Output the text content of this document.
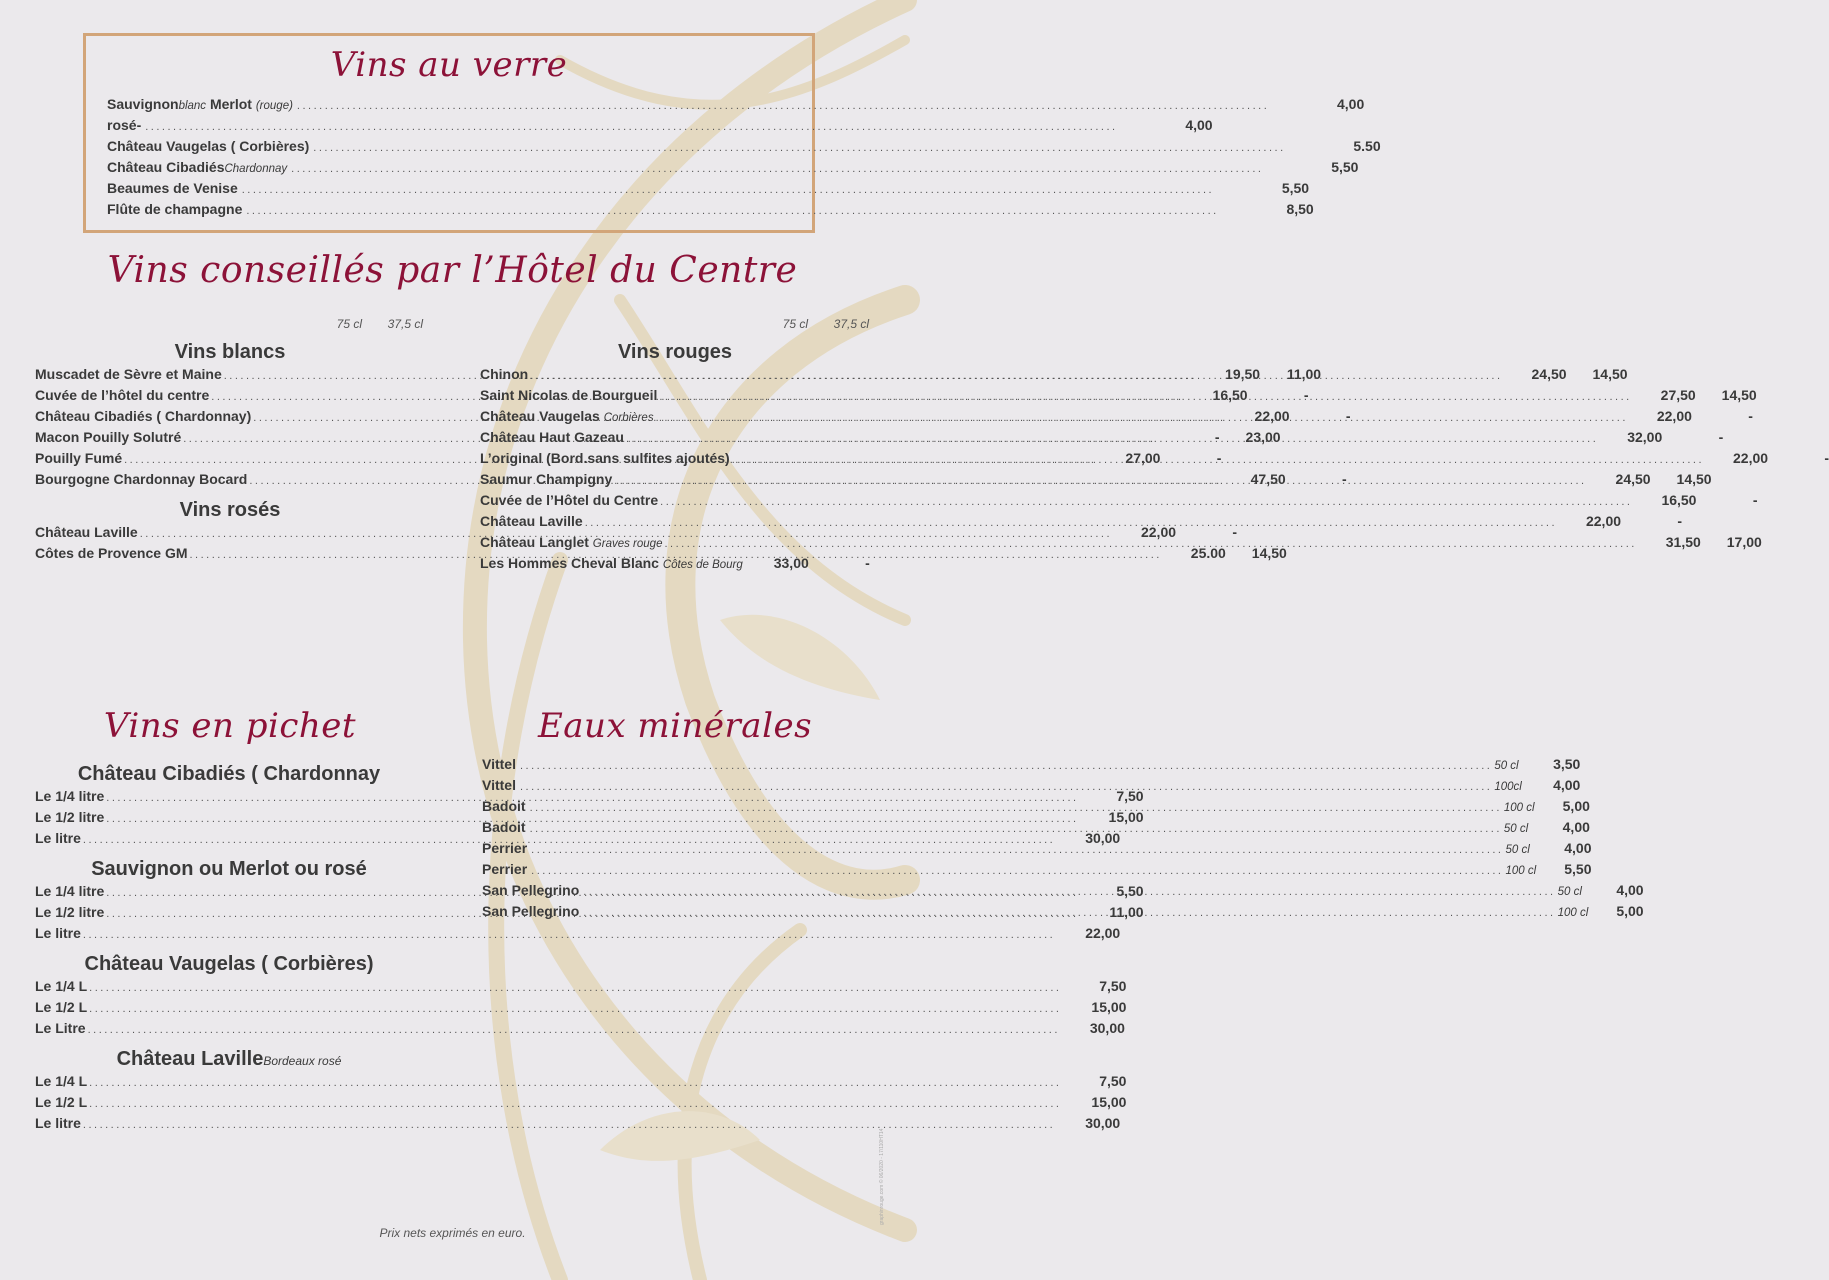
Vins au verre
Sauvignon blanc Merlot (rouge) .....	4,00
rosé- .....	4,00
Château Vaugelas ( Corbières) .....	5.50
Château Cibadiés Chardonnay .....	5,50
Beaumes de Venise .....	5,50
Flûte de champagne .....	8,50
Vins conseillés par l’Hôtel du Centre
75 cl	37,5 cl	75 cl	37,5 cl
Vins blancs
Muscadet de Sèvre et Maine .....	19,50	11,00
Cuvée de l’hôtel du centre .....	16,50	-
Château Cibadiés ( Chardonnay) .....	22,00	-
Macon Pouilly Solutré .....	-	23,00
Pouilly Fumé .....	27,00	-
Bourgogne Chardonnay Bocard .....	47,50	-
Vins rosés
Château Laville .....	22,00	-
Côtes de Provence GM .....	25.00	14,50
Vins rouges
Chinon .....	24,50	14,50
Saint Nicolas de Bourgueil .....	27,50	14,50
Château Vaugelas Corbières .....	22,00	-
Château Haut Gazeau .....	32,00	-
L’original (Bord.sans sulfites ajoutés) .....	22,00	-
Saumur Champigny .....	24,50	14,50
Cuvée de l’Hôtel du Centre .....	16,50	-
Château Laville .....	22,00	-
Château Langlet Graves rouge .....	31,50	17,00
Les Hommes Cheval Blanc Côtes de Bourg	33,00	-
Vins en pichet
Château Cibadiés ( Chardonnay
Le 1/4 litre .....	7,50
Le 1/2 litre .....	15,00
Le litre .....	30,00
Sauvignon ou Merlot ou rosé
Le 1/4 litre .....	5,50
Le 1/2 litre .....	11,00
Le litre .....	22,00
Château Vaugelas ( Corbières)
Le 1/4 L .....	7,50
Le 1/2 L .....	15,00
Le Litre .....	30,00
Château LavilleBordeaux rosé
Le 1/4 L .....	7,50
Le 1/2 L .....	15,00
Le litre .....	30,00
Eaux minérales
Vittel .....	50 cl	3,50
Vittel .....	100cl	4,00
Badoit .....	100 cl	5,00
Badoit .....	50 cl	4,00
Perrier .....	50 cl	4,00
Perrier .....	100 cl	5,50
San Pellegrino .....	50 cl	4,00
San Pellegrino .....	100 cl	5,00
Prix nets exprimés en euro.
graphinrouge.com © 06/2020 - 17/110HT14
